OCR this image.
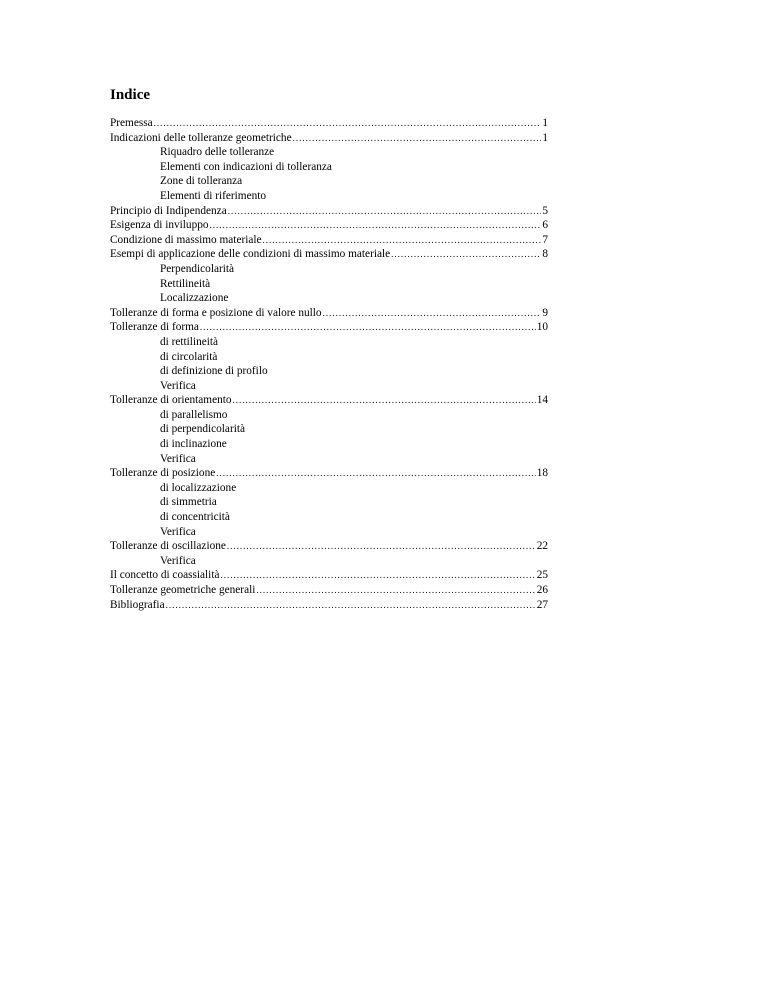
Indice
Premessa .....	1
Indicazioni delle tolleranze geometriche .....	1
Riquadro delle tolleranze
Elementi con indicazioni di tolleranza
Zone di tolleranza
Elementi di riferimento
Principio di Indipendenza .....	5
Esigenza di inviluppo .....	6
Condizione di massimo materiale .....	7
Esempi di applicazione delle condizioni di massimo materiale .....	8
Perpendicolarità
Rettilineità
Localizzazione
Tolleranze di forma e posizione di valore nullo .....	9
Tolleranze di forma .....	10
di rettilineità
di circolarità
di definizione di profilo
Verifica
Tolleranze di orientamento .....	14
di parallelismo
di perpendicolarità
di inclinazione
Verifica
Tolleranze di posizione .....	18
di localizzazione
di simmetria
di concentricità
Verifica
Tolleranze di oscillazione .....	22
Verifica
Il concetto di coassialità .....	25
Tolleranze geometriche generali .....	26
Bibliografia .....	27
